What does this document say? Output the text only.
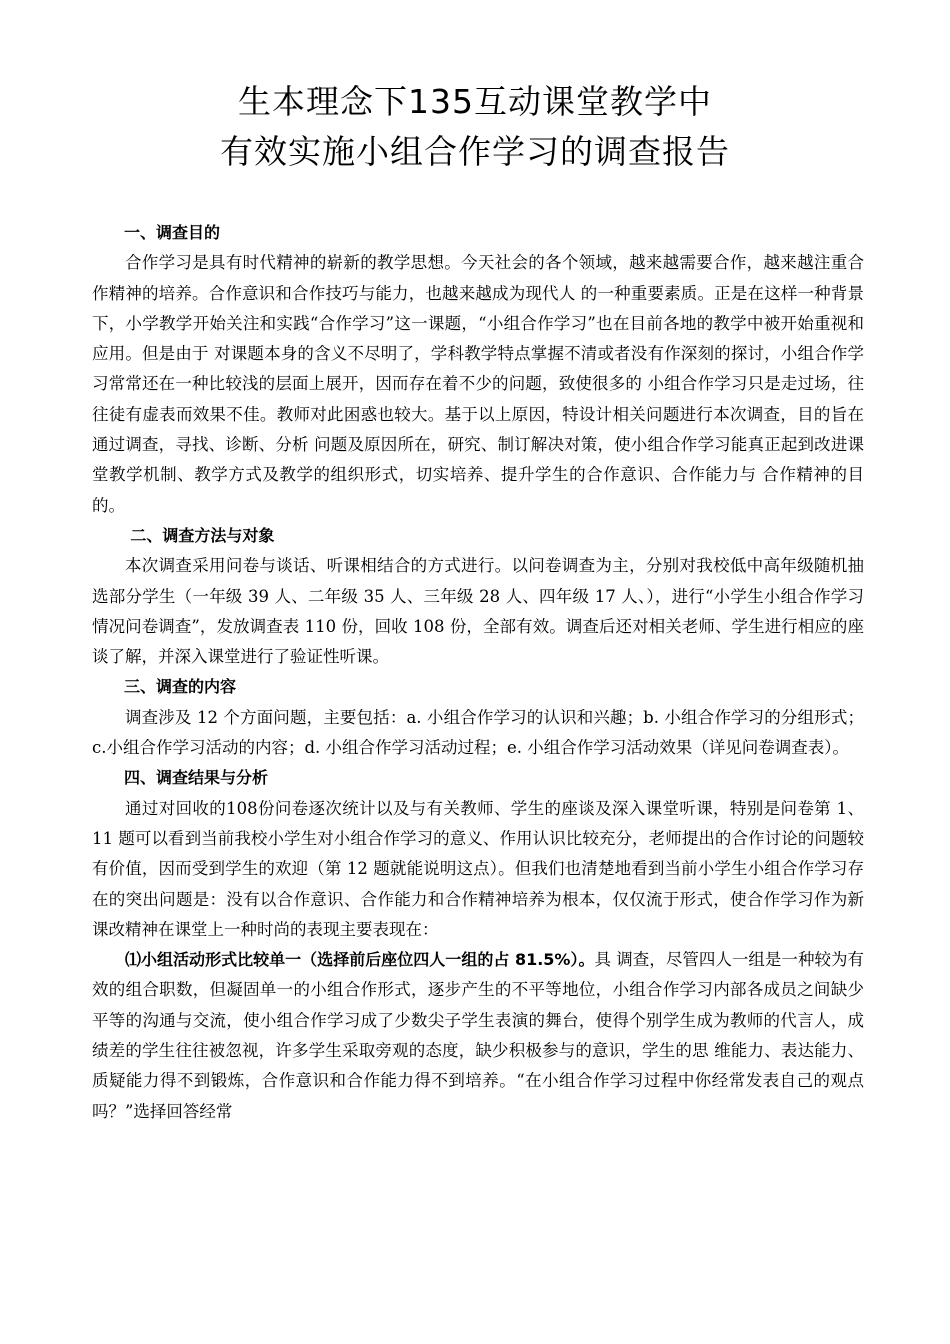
生本理念下135互动课堂教学中
有效实施小组合作学习的调查报告
一、调查目的

合作学习是具有时代精神的崭新的教学思想。今天社会的各个领域，越来越需要合作，越来越注重合作精神的培养。合作意识和合作技巧与能力，也越来越成为现代人 的一种重要素质。正是在这样一种背景下，小学教学开始关注和实践“合作学习”这一课题，“小组合作学习”也在目前各地的教学中被开始重视和应用。但是由于 对课题本身的含义不尽明了，学科教学特点掌握不清或者没有作深刻的探讨，小组合作学习常常还在一种比较浅的层面上展开，因而存在着不少的问题，致使很多的 小组合作学习只是走过场，往往徒有虚表而效果不佳。教师对此困惑也较大。基于以上原因，特设计相关问题进行本次调查，目的旨在通过调查，寻找、诊断、分析 问题及原因所在，研究、制订解决对策，使小组合作学习能真正起到改进课堂教学机制、教学方式及教学的组织形式，切实培养、提升学生的合作意识、合作能力与 合作精神的目的。

二、调查方法与对象

本次调查采用问卷与谈话、听课相结合的方式进行。以问卷调查为主，分别对我校低中高年级随机抽选部分学生（一年级 39 人、二年级 35 人、三年级 28 人、四年级 17 人、），进行“小学生小组合作学习情况问卷调查”，发放调查表 110 份，回收 108 份，全部有效。调查后还对相关老师、学生进行相应的座谈了解，并深入课堂进行了验证性听课。

三、调查的内容

调查涉及 12 个方面问题，主要包括：a. 小组合作学习的认识和兴趣；b. 小组合作学习的分组形式；c.小组合作学习活动的内容；d. 小组合作学习活动过程；e. 小组合作学习活动效果（详见问卷调查表）。

四、调查结果与分析

通过对回收的108份问卷逐次统计以及与有关教师、学生的座谈及深入课堂听课，特别是问卷第 1、11 题可以看到当前我校小学生对小组合作学习的意义、作用认识比较充分，老师提出的合作讨论的问题较有价值，因而受到学生的欢迎（第 12 题就能说明这点）。但我们也清楚地看到当前小学生小组合作学习存在的突出问题是：没有以合作意识、合作能力和合作精神培养为根本，仅仅流于形式，使合作学习作为新课改精神在课堂上一种时尚的表现主要表现在：

⑴小组活动形式比较单一（选择前后座位四人一组的占 81.5%）。具 调查，尽管四人一组是一种较为有效的组合职数，但凝固单一的小组合作形式，逐步产生的不平等地位，小组合作学习内部各成员之间缺少平等的沟通与交流，使小组合作学习成了少数尖子学生表演的舞台，使得个别学生成为教师的代言人，成绩差的学生往往被忽视，许多学生采取旁观的态度，缺少积极参与的意识，学生的思 维能力、表达能力、质疑能力得不到锻炼，合作意识和合作能力得不到培养。“在小组合作学习过程中你经常发表自己的观点吗？”选择回答经常
